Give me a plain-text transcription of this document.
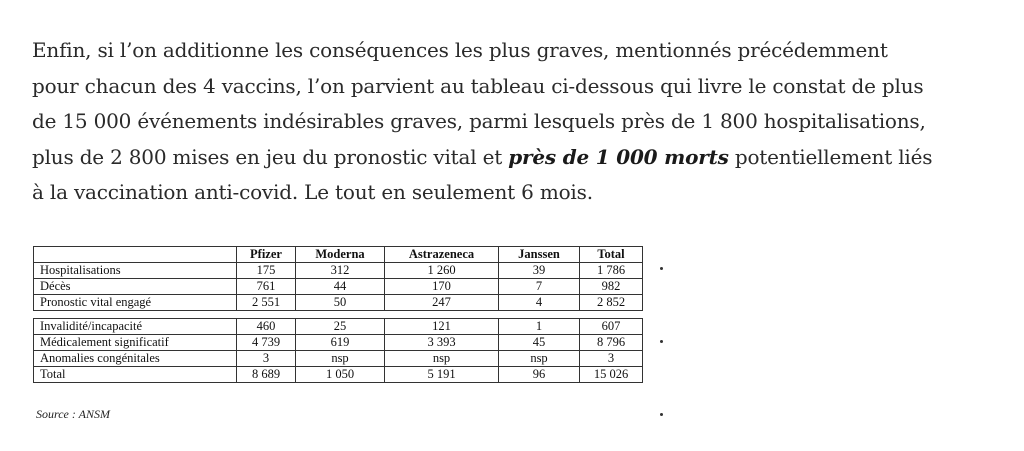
Enfin, si l’on additionne les conséquences les plus graves, mentionnés précédemment
pour chacun des 4 vaccins, l’on parvient au tableau ci-dessous qui livre le constat de plus
de 15 000 événements indésirables graves, parmi lesquels près de 1 800 hospitalisations,
plus de 2 800 mises en jeu du pronostic vital et près de 1 000 morts potentiellement liés
à la vaccination anti-covid. Le tout en seulement 6 mois.
	Pfizer	Moderna	Astrazeneca	Janssen	Total
Hospitalisations	175	312	1 260	39	1 786
Décès	761	44	170	7	982
Pronostic vital engagé	2 551	50	247	4	2 852

Invalidité/incapacité	460	25	121	1	607
Médicalement significatif	4 739	619	3 393	45	8 796
Anomalies congénitales	3	nsp	nsp	nsp	3
Total	8 689	1 050	5 191	96	15 026
Source : ANSM
